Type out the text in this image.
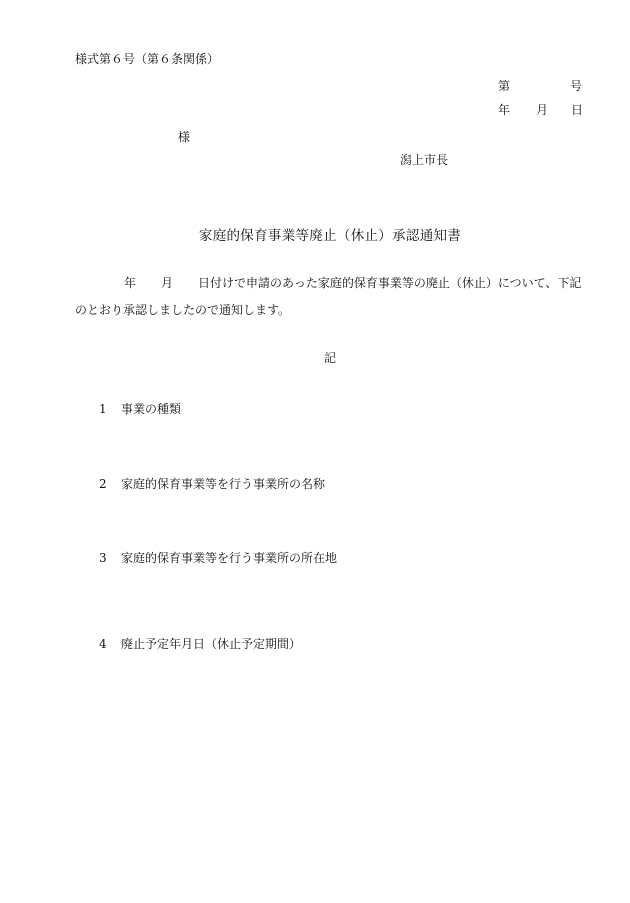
様式第６号（第６条関係）
第	号
年 月 日
様
潟上市長
家庭的保育事業等廃止（休止）承認通知書
年 月 日付けで申請のあった家庭的保育事業等の廃止（休止）について、下記
のとおり承認しましたので通知します。
記
1 事業の種類
2 家庭的保育事業等を行う事業所の名称
3 家庭的保育事業等を行う事業所の所在地
4 廃止予定年月日（休止予定期間）
